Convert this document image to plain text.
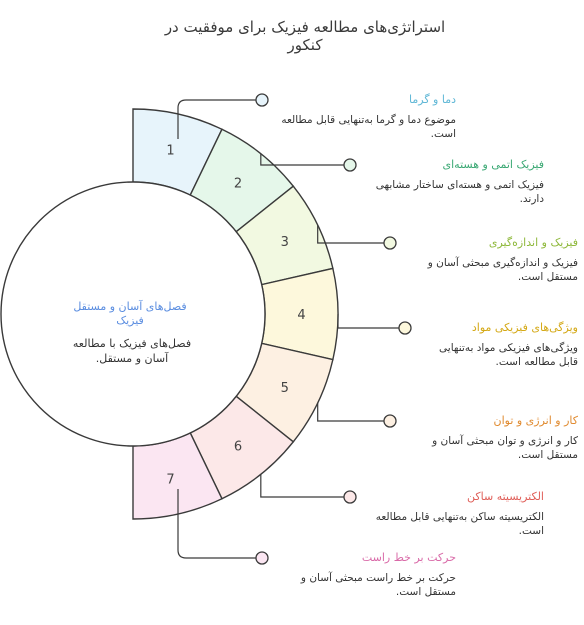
استراتژی‌های مطالعه فیزیک برای موفقیت در کنکور
1
2
3
4
5
6
7
فصل‌های آسان و مستقل فیزیک
فصل‌های فیزیک با مطالعه آسان و مستقل.
دما و گرما
موضوع دما و گرما به‌تنهایی قابل مطالعه است.
فیزیک اتمی و هسته‌ای
فیزیک اتمی و هسته‌ای ساختار مشابهی دارند.
فیزیک و اندازه‌گیری
فیزیک و اندازه‌گیری مبحثی آسان و مستقل است.
ویژگی‌های فیزیکی مواد
ویژگی‌های فیزیکی مواد به‌تنهایی قابل مطالعه است.
کار و انرژی و توان
کار و انرژی و توان مبحثی آسان و مستقل است.
الکتریسیته ساکن
الکتریسیته ساکن به‌تنهایی قابل مطالعه است.
حرکت بر خط راست
حرکت بر خط راست مبحثی آسان و مستقل است.
